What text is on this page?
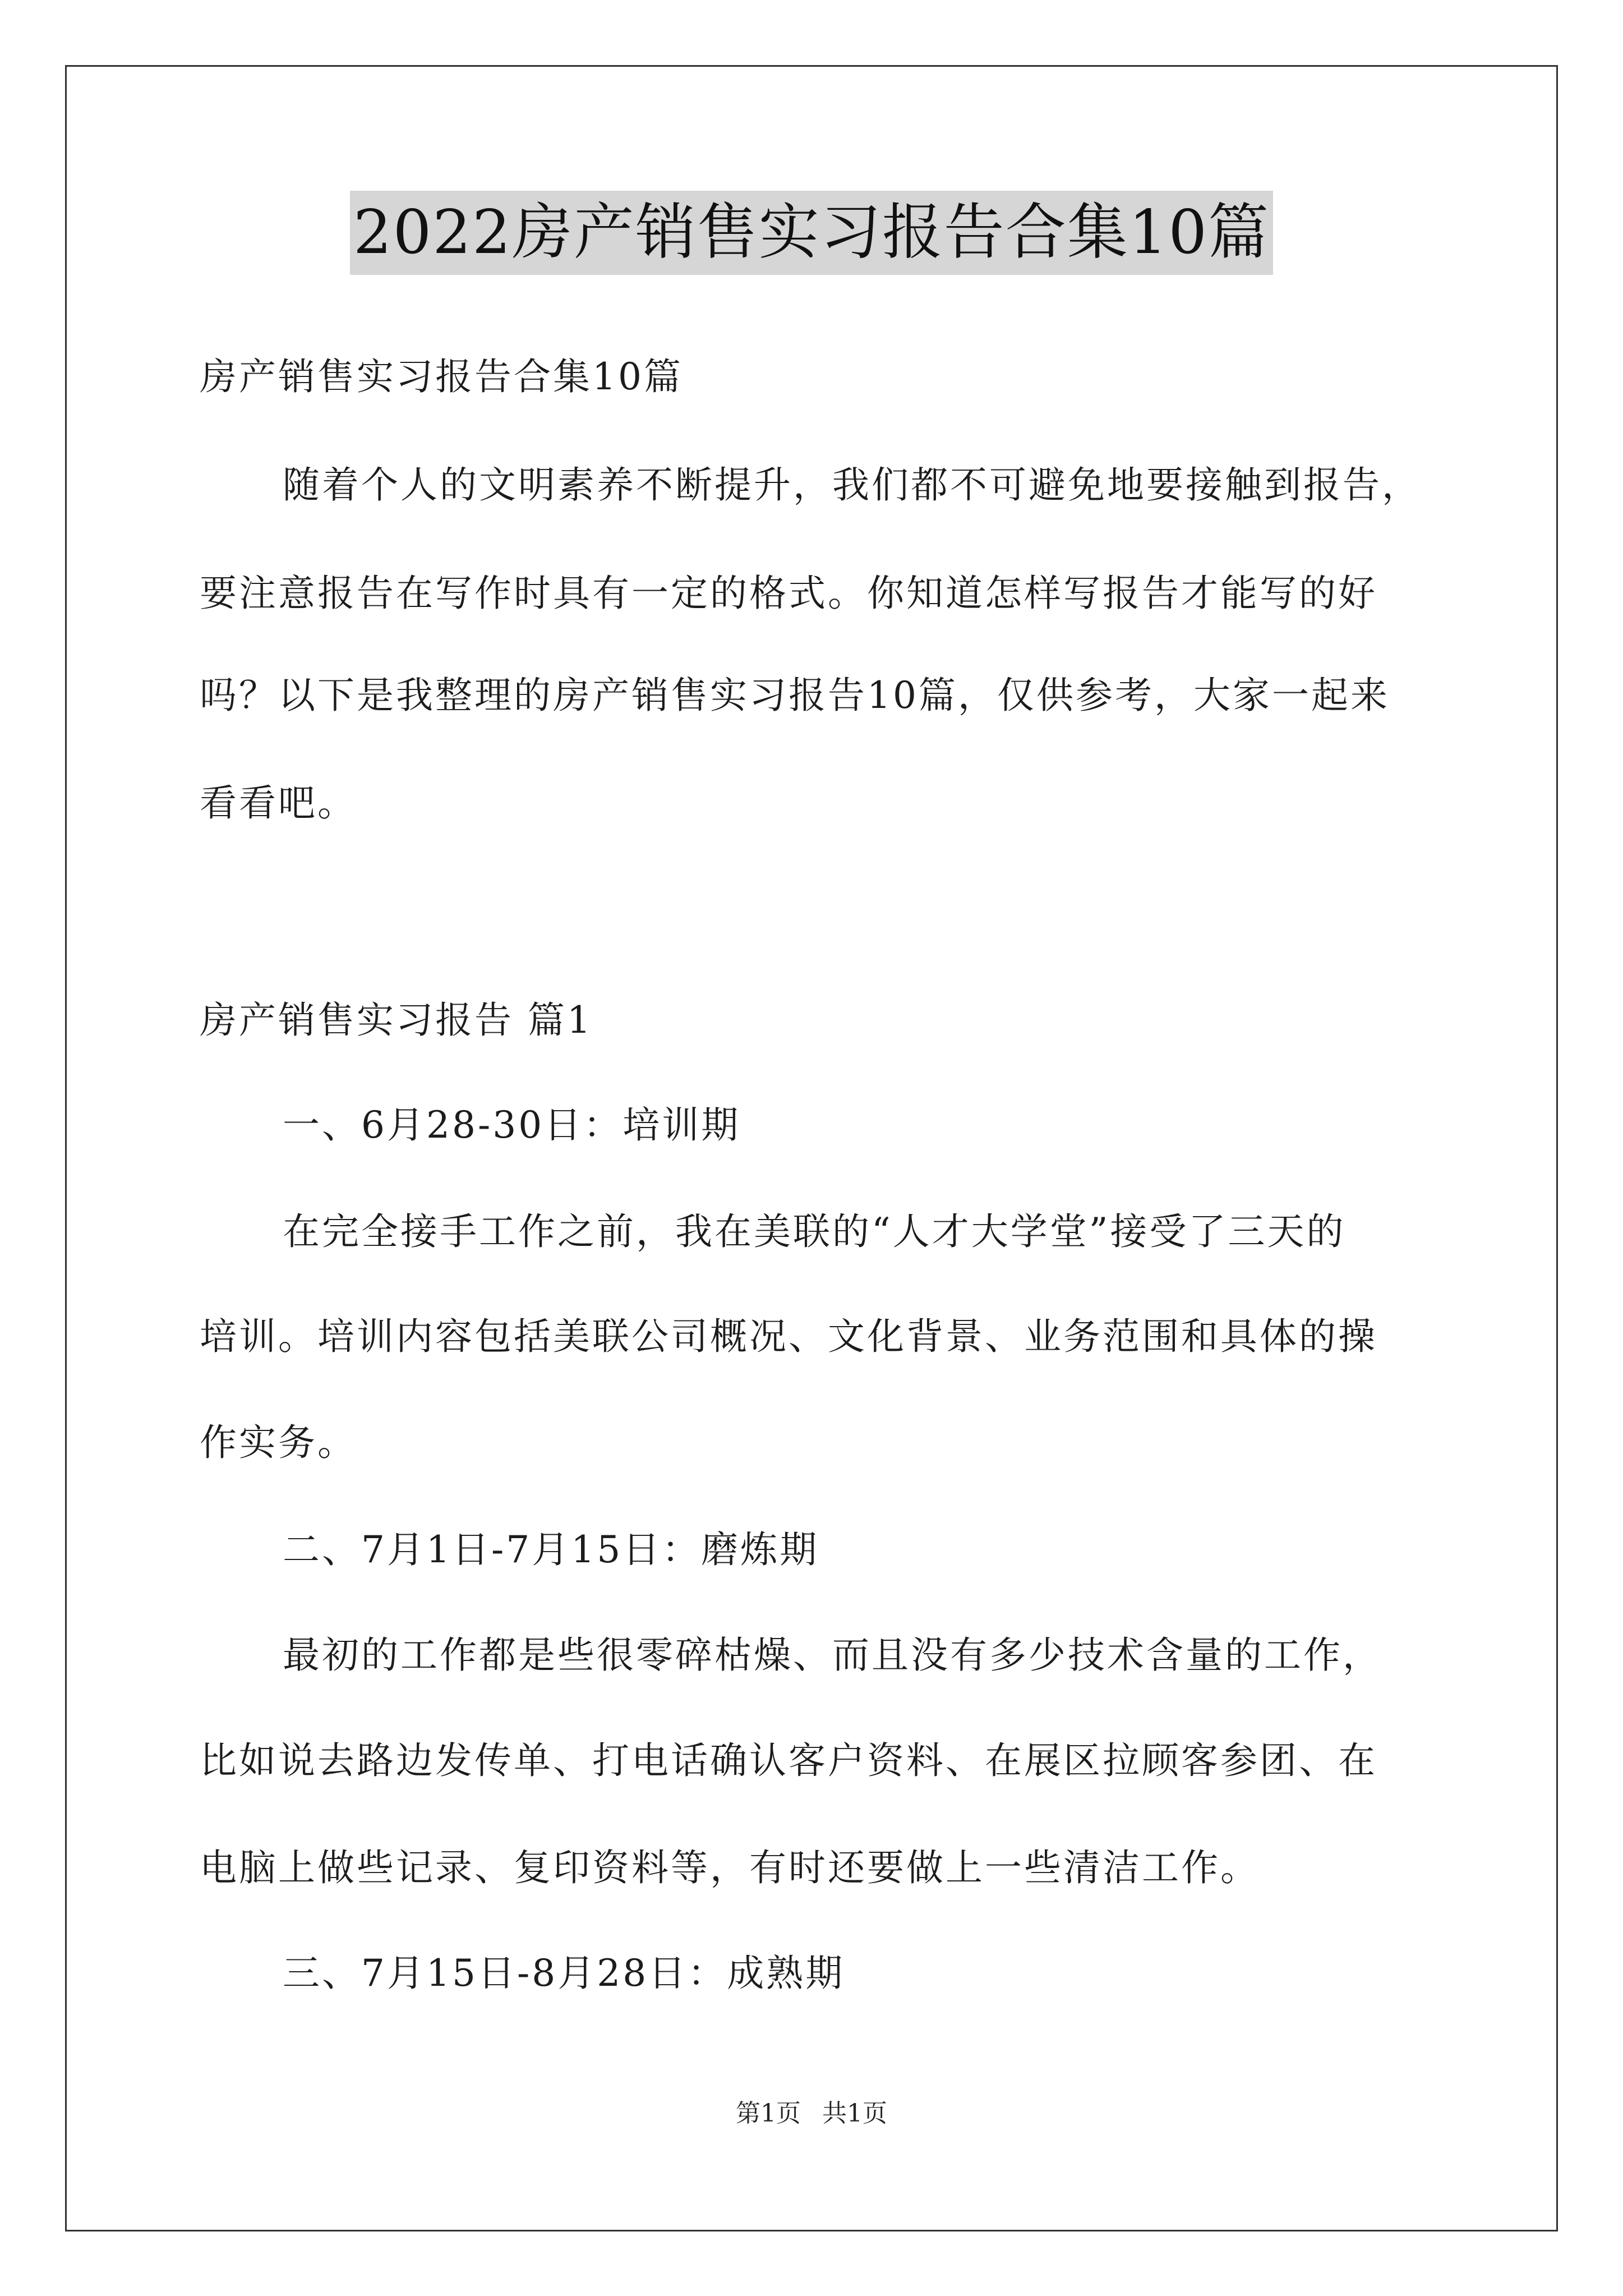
2022房产销售实习报告合集10篇
房产销售实习报告合集10篇
随着个人的文明素养不断提升，我们都不可避免地要接触到报告，
要注意报告在写作时具有一定的格式。你知道怎样写报告才能写的好
吗？以下是我整理的房产销售实习报告10篇，仅供参考，大家一起来
看看吧。
房产销售实习报告 篇1
一、6月28-30日：培训期
在完全接手工作之前，我在美联的“人才大学堂”接受了三天的
培训。培训内容包括美联公司概况、文化背景、业务范围和具体的操
作实务。
二、7月1日-7月15日：磨炼期
最初的工作都是些很零碎枯燥、而且没有多少技术含量的工作，
比如说去路边发传单、打电话确认客户资料、在展区拉顾客参团、在
电脑上做些记录、复印资料等，有时还要做上一些清洁工作。
三、7月15日-8月28日：成熟期
第1页 共1页
